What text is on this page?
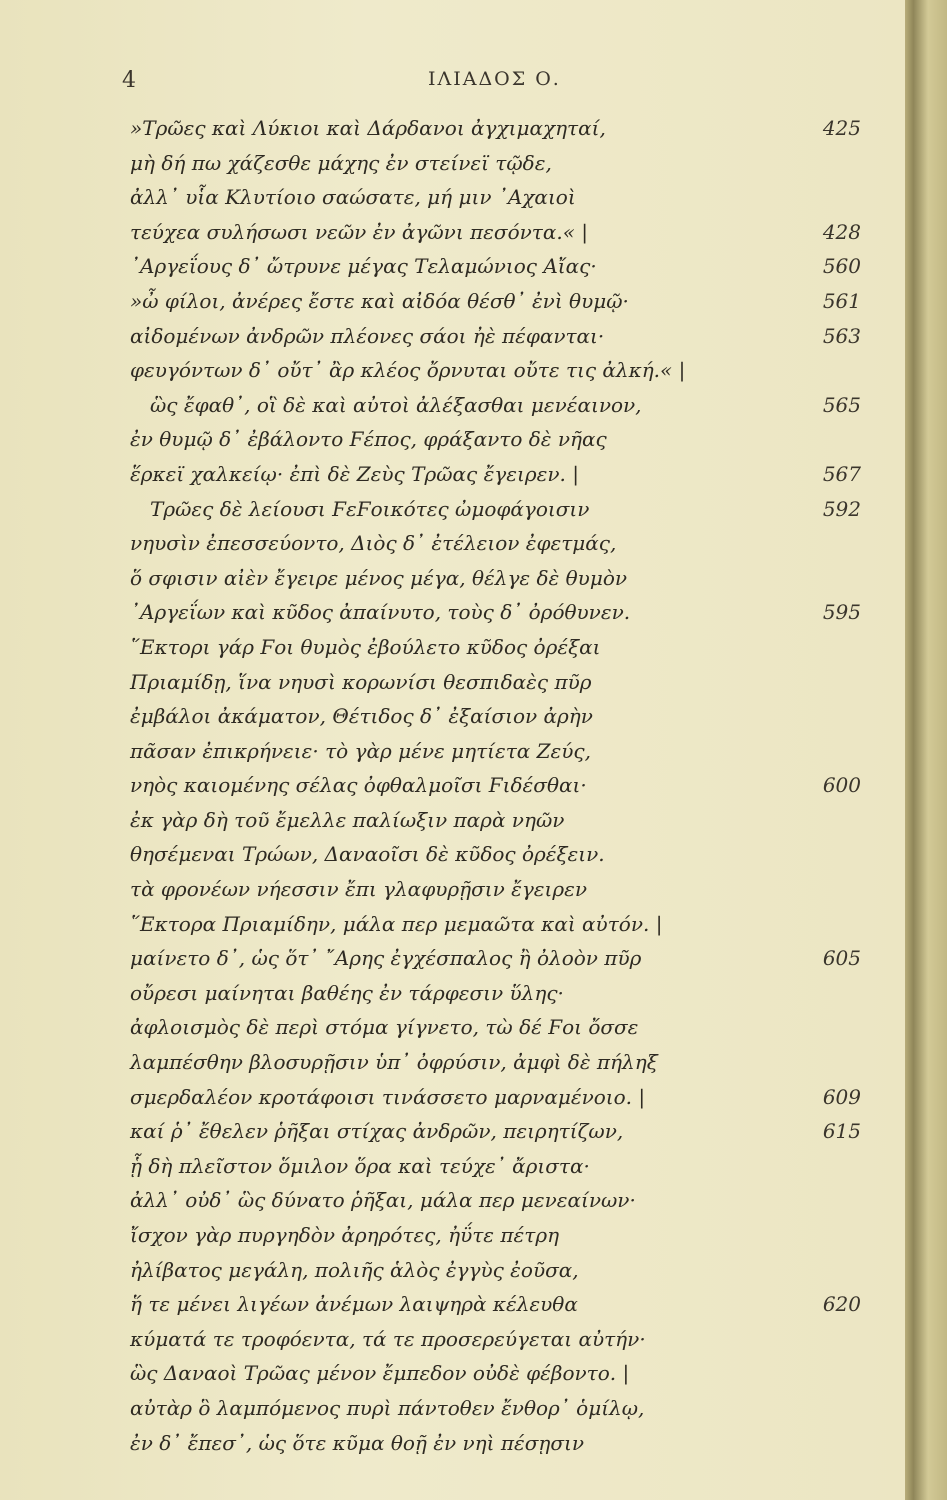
4	ΙΛΙΑΔΟΣ Ο.
»Τρῶες καὶ Λύκιοι καὶ Δάρδανοι ἀγχιμαχηταί,	425
μὴ δή πω χάζεσθε μάχης ἐν στείνεϊ τῷδε,
ἀλλ᾽ υἷα Κλυτίοιο σαώσατε, μή μιν ᾿Αχαιοὶ
τεύχεα συλήσωσι νεῶν ἐν ἀγῶνι πεσόντα.« |	428
᾿Αργεΐους δ᾽ ὤτρυνε μέγας Τελαμώνιος Αἴας·	560
»ὦ φίλοι, ἀνέρες ἔστε καὶ αἰδόα θέσθ᾽ ἐνὶ θυμῷ·	561
αἰδομένων ἀνδρῶν πλέονες σάοι ἠὲ πέφανται·	563
φευγόντων δ᾽ οὔτ᾽ ἂρ κλέος ὄρνυται οὔτε τις ἀλκή.« |
ὣς ἔφαθ᾽, οἳ δὲ καὶ αὐτοὶ ἀλέξασθαι μενέαινον,	565
ἐν θυμῷ δ᾽ ἐβάλοντο Ϝέπος, φράξαντο δὲ νῆας
ἕρκεϊ χαλκείῳ· ἐπὶ δὲ Ζεὺς Τρῶας ἔγειρεν. |	567
Τρῶες δὲ λείουσι ϜεϜοικότες ὠμοφάγοισιν	592
νηυσὶν ἐπεσσεύοντο, Διὸς δ᾽ ἐτέλειον ἐφετμάς,
ὅ σφισιν αἰὲν ἔγειρε μένος μέγα, θέλγε δὲ θυμὸν
᾿Αργεΐων καὶ κῦδος ἀπαίνυτο, τοὺς δ᾽ ὀρόθυνεν.	595
῞Εκτορι γάρ Ϝοι θυμὸς ἐβούλετο κῦδος ὀρέξαι
Πριαμίδῃ, ἵνα νηυσὶ κορωνίσι θεσπιδαὲς πῦρ
ἐμβάλοι ἀκάματον, Θέτιδος δ᾽ ἐξαίσιον ἀρὴν
πᾶσαν ἐπικρήνειε· τὸ γὰρ μένε μητίετα Ζεύς,
νηὸς καιομένης σέλας ὀφθαλμοῖσι Ϝιδέσθαι·	600
ἐκ γὰρ δὴ τοῦ ἔμελλε παλίωξιν παρὰ νηῶν
θησέμεναι Τρώων, Δαναοῖσι δὲ κῦδος ὀρέξειν.
τὰ φρονέων νήεσσιν ἔπι γλαφυρῇσιν ἔγειρεν
῞Εκτορα Πριαμίδην, μάλα περ μεμαῶτα καὶ αὐτόν. |
μαίνετο δ᾽, ὡς ὅτ᾽ ῎Αρης ἐγχέσπαλος ἢ ὀλοὸν πῦρ	605
οὔρεσι μαίνηται βαθέης ἐν τάρφεσιν ὕλης·
ἀφλοισμὸς δὲ περὶ στόμα γίγνετο, τὼ δέ Ϝοι ὄσσε
λαμπέσθην βλοσυρῇσιν ὑπ᾽ ὀφρύσιν, ἀμφὶ δὲ πήληξ
σμερδαλέον κροτάφοισι τινάσσετο μαρναμένοιο. |	609
καί ῥ᾽ ἔθελεν ῥῆξαι στίχας ἀνδρῶν, πειρητίζων,	615
ᾗ δὴ πλεῖστον ὅμιλον ὅρα καὶ τεύχε᾽ ἄριστα·
ἀλλ᾽ οὐδ᾽ ὣς δύνατο ῥῆξαι, μάλα περ μενεαίνων·
ἴσχον γὰρ πυργηδὸν ἀρηρότες, ἠΰτε πέτρη
ἠλίβατος μεγάλη, πολιῆς ἁλὸς ἐγγὺς ἐοῦσα,
ἥ τε μένει λιγέων ἀνέμων λαιψηρὰ κέλευθα	620
κύματά τε τροφόεντα, τά τε προσερεύγεται αὐτήν·
ὣς Δαναοὶ Τρῶας μένον ἔμπεδον οὐδὲ φέβοντο. |
αὐτὰρ ὃ λαμπόμενος πυρὶ πάντοθεν ἔνθορ᾽ ὁμίλῳ,
ἐν δ᾽ ἔπεσ᾽, ὡς ὅτε κῦμα θοῇ ἐν νηὶ πέσῃσιν
